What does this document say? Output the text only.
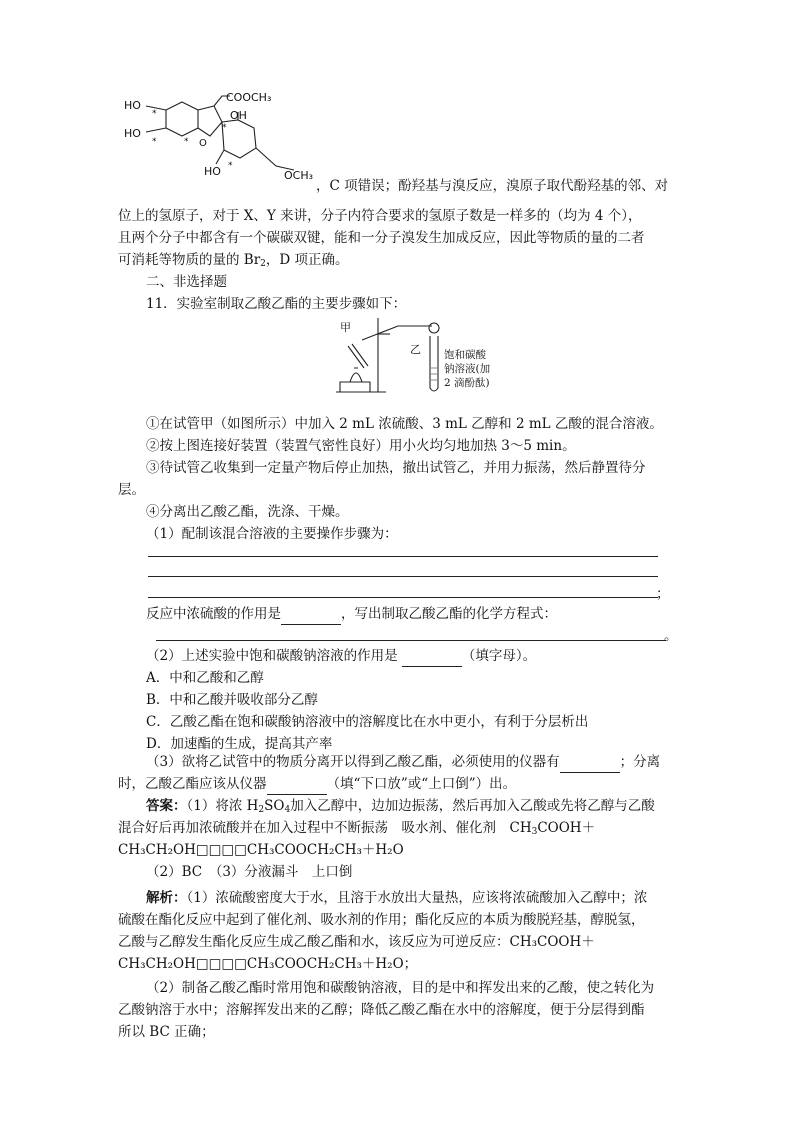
HO
HO
COOCH₃
OH
O
HO	OCH₃
*
*	*
*
*
，C 项错误；酚羟基与溴反应，溴原子取代酚羟基的邻、对
位上的氢原子，对于 X、Y 来讲，分子内符合要求的氢原子数是一样多的（均为 4 个），
且两个分子中都含有一个碳碳双键，能和一分子溴发生加成反应，因此等物质的量的二者
可消耗等物质的量的 $Br_2$，D 项正确。
二、非选择题
11．实验室制取乙酸乙酯的主要步骤如下：
甲
乙 饱和碳酸
钠溶液(加
2 滴酚酞)
①在试管甲（如图所示）中加入 2 mL 浓硫酸、3 mL 乙醇和 2 mL 乙酸的混合溶液。
②按上图连接好装置（装置气密性良好）用小火均匀地加热 3～5 min。
③待试管乙收集到一定量产物后停止加热，撤出试管乙，并用力振荡，然后静置待分
层。
④分离出乙酸乙酯，洗涤、干燥。
（1）配制该混合溶液的主要操作步骤为：
；
反应中浓硫酸的作用是	，写出制取乙酸乙酯的化学方程式：
。
（2）上述实验中饱和碳酸钠溶液的作用是	（填字母）。
A．中和乙酸和乙醇
B．中和乙酸并吸收部分乙醇
C．乙酸乙酯在饱和碳酸钠溶液中的溶解度比在水中更小，有利于分层析出
D．加速酯的生成，提高其产率
（3）欲将乙试管中的物质分离开以得到乙酸乙酯，必须使用的仪器有	；分离
时，乙酸乙酯应该从仪器	（填“下口放”或“上口倒”）出。
答案：（1）将浓 $H_2SO_4$加入乙醇中，边加边振荡，然后再加入乙酸或先将乙醇与乙酸
混合好后再加浓硫酸并在加入过程中不断振荡　吸水剂、催化剂　$CH_3COOH+$
CH₃CH₂OH□□□□CH₃COOCH₂CH₃＋H₂O
（2）BC　（3）分液漏斗　上口倒
解析：（1）浓硫酸密度大于水，且溶于水放出大量热，应该将浓硫酸加入乙醇中；浓
硫酸在酯化反应中起到了催化剂、吸水剂的作用；酯化反应的本质为酸脱羟基，醇脱氢，
乙酸与乙醇发生酯化反应生成乙酸乙酯和水，该反应为可逆反应：CH₃COOH＋
CH₃CH₂OH□□□□CH₃COOCH₂CH₃＋H₂O；
（2）制备乙酸乙酯时常用饱和碳酸钠溶液，目的是中和挥发出来的乙酸，使之转化为
乙酸钠溶于水中；溶解挥发出来的乙醇；降低乙酸乙酯在水中的溶解度，便于分层得到酯
所以 BC 正确；
